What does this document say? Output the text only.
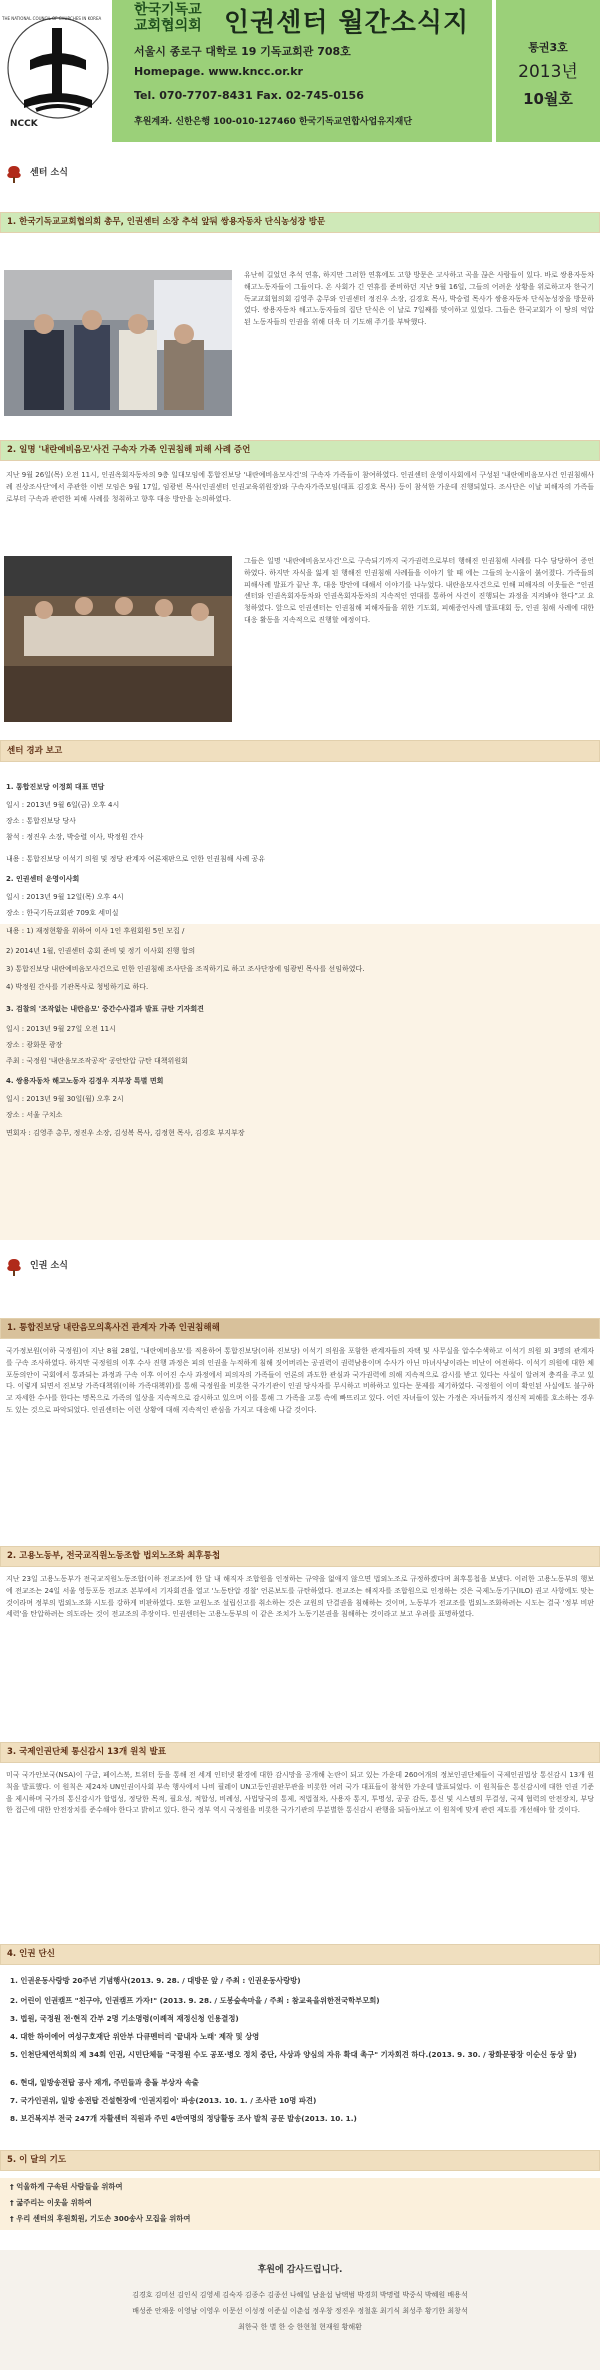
NCCK
THE NATIONAL COUNCIL OF CHURCHES IN KOREA
한국기독교
교회협의회 인권센터 월간소식지
서울시 종로구 대학로 19 기독교회관 708호
Homepage. www.kncc.or.kr
Tel. 070-7707-8431 Fax. 02-745-0156
후원계좌. 신한은행 100-010-127460 한국기독교연합사업유지재단
통권3호
2013년
10월호
센터 소식
1. 한국기독교교회협의회 총무, 인권센터 소장 추석 앞둬 쌍용자동차 단식농성장 방문
유난히 길었던 추석 연휴, 하지만 그러한 연휴에도 고향 방문은 고사하고 곡을 끊은 사람들이 있다. 바로 쌍용자동차 해고노동자들이 그들이다. 온 사회가 긴 연휴를 준비하던 지난 9월 16일, 그들의 어려운 상황을 위로하고자 한국기독교교회협의회 김영주 총무와 인권센터 정진우 소장, 김경호 목사, 박승렬 목사가 쌍용자동차 단식농성장을 방문하였다. 쌍용자동차 해고노동자들의 집단 단식은 이 날로 7일째를 맞이하고 있었다. 그들은 한국교회가 이 땅의 억압된 노동자들의 인권을 위해 더욱 더 기도해 주기를 부탁했다.
2. 일명 '내란예비음모'사건 구속자 가족 인권침해 피해 사례 증언
지난 9월 26일(목) 오전 11시, 인권옥회자동차의 9층 일대모임에 통합진보당 '내란예비음모사건'의 구속자 가족들이 참여하였다. 인권센터 운영이사회에서 구성된 '내란예비음모사건 인권침해사례 진상조사단'에서 주관한 이번 모임은 9월 17일, 임광빈 목사(인권센터 인권교육위원장)와 구속자가족모임(대표 김경호 목사) 등이 참석한 가운데 진행되었다. 조사단은 이날 피해자의 가족들로부터 구속과 관련한 피해 사례를 청취하고 향후 대응 방안을 논의하였다.
그들은 일명 '내란예비음모사건'으로 구속되기까지 국가권력으로부터 행해진 인권침해 사례를 다수 담당하여 증언하였다. 하지만 자식을 잃게 된 행해진 인권침해 사례들을 이야기 할 때 에는 그들의 눈시울이 붉어졌다. 가족들의 피해사례 발표가 끝난 후, 대응 방안에 대해서 이야기를 나누었다. 내란음모사건으로 인해 피해자의 이웃들은 “인권센터와 인권옥회자동차와 인권옥회자동차의 지속적인 연대를 통하여 사건이 진행되는 과정을 지켜봐야 한다”고 요청하였다. 앞으로 인권센터는 인권침해 피해자들을 위한 기도회, 피해증언사례 발표대회 등, 인권 침해 사례에 대한 대응 활동을 지속적으로 진행할 예정이다.
센터 경과 보고
1. 통합진보당 이정희 대표 면담
일시 : 2013년 9월 6일(금) 오후 4시
장소 : 통합진보당 당사
참석 : 정진우 소장, 박승렬 이사, 박정원 간사
내용 : 통합진보당 이석기 의원 및 정당 관계자 여론재판으로 인한 인권침해 사례 공유
2. 인권센터 운영이사회
일시 : 2013년 9월 12일(목) 오후 4시
장소 : 한국기독교회관 709호 세미실
내용 : 1) 재정현황을 위하여 이사 1인 후원회원 5인 모집 /
2) 2014년 1월, 인권센터 총회 준비 및 정기 이사회 진행 합의
3) 통합진보당 내란예비음모사건으로 인한 인권침해 조사단을 조직하기로 하고 조사단장에 임광빈 목사를 선임하였다.
4) 박정원 간사를 기관목사로 청빙하기로 하다.
3. 검찰의 '조작없는 내란음모' 중간수사결과 발표 규탄 기자회견
일시 : 2013년 9월 27일 오전 11시
장소 : 광화문 광장
주최 : 국정원 '내란음모조작공작' 공안탄압 규탄 대책위원회
4. 쌍용자동차 해고노동자 김정우 지부장 특별 면회
일시 : 2013년 9월 30일(월) 오후 2시
장소 : 서울 구치소
면회자 : 김영주 총무, 정진우 소장, 김성복 목사, 김정현 목사, 김경호 부지부장
인권 소식
1. 통합진보당 내란음모의혹사건 관계자 가족 인권침해해
국가정보원(이하 국정원)이 지난 8월 28일, '내란예비음모'를 적용하여 통합진보당(이하 진보당) 이석기 의원을 포함한 관계자들의 자택 및 사무실을 압수수색하고 이석기 의원 외 3명의 관계자를 구속 조사하였다. 하지만 국정원의 이후 수사 진행 과정은 피의 인권을 누적하게 침해 짓어버리는 공권력이 권력남용이며 수사가 아닌 마녀사냥이라는 비난이 여전하다. 이석기 의원에 대한 체포동의안이 국회에서 통과되는 과정과 구속 이후 이어진 수사 과정에서 피의자의 가족들이 언론의 과도한 관심과 국가권력에 의해 지속적으로 감시를 받고 있다는 사실이 알려져 충격을 주고 있다. 이렇게 되면서 진보당 가족대책위(이하 가족대책위)를 통해 국정원을 비롯한 국가기관이 인권 당사자를 무시하고 비하하고 있다는 문제를 제기하였다. 국정원이 이미 확인된 사실에도 불구하고 자세한 수사를 한다는 명목으로 가족의 일상을 지속적으로 감시하고 있으며 이를 통해 그 가족을 고통 속에 빠뜨리고 있다. 어린 자녀들이 있는 가정은 자녀들까지 정신적 피해를 호소하는 경우도 있는 것으로 파악되었다. 인권센터는 이런 상황에 대해 지속적인 관심을 가지고 대응해 나갈 것이다.
2. 고용노동부, 전국교직원노동조합 법외노조화 최후통첩
지난 23일 고용노동부가 전국교직원노동조합(이하 전교조)에 한 달 내 해직자 조합원을 인정하는 규약을 없애지 않으면 법외노조로 규정하겠다며 최후통첩을 보냈다. 이러한 고용노동부의 행보에 전교조는 24일 서울 영등포동 전교조 본부에서 기자회견을 열고 '노동탄압 경찰' 언론보도를 규탄하였다. 전교조는 해직자를 조합원으로 인정하는 것은 국제노동기구(ILO) 권고 사항에도 맞는 것이라며 정부의 법외노조화 시도를 강하게 비판하였다. 또한 교원노조 설립신고를 취소하는 것은 교원의 단결권을 침해하는 것이며, 노동부가 전교조를 법외노조화하려는 시도는 결국 '정부 비판 세력'을 탄압하려는 의도라는 것이 전교조의 주장이다. 인권센터는 고용노동부의 이 같은 조치가 노동기본권을 침해하는 것이라고 보고 우려를 표명하였다.
3. 국제인권단체 통신감시 13개 원칙 발표
미국 국가안보국(NSA)이 구글, 페이스북, 트위터 등을 통해 전 세계 인터넷 환경에 대한 감시망을 공개해 논란이 되고 있는 가운데 260여개의 정보인권단체들이 국제인권법상 통신감시 13개 원칙을 발표했다. 이 원칙은 제24차 UN인권이사회 부속 행사에서 나비 필레이 UN고등인권판무관을 비롯한 여러 국가 대표들이 참석한 가운데 발표되었다. 이 원칙들은 통신감시에 대한 인권 기준을 제시하며 국가의 통신감시가 합법성, 정당한 목적, 필요성, 적합성, 비례성, 사법당국의 통제, 적법절차, 사용자 통지, 투명성, 공공 감독, 통신 및 시스템의 무결성, 국제 협력의 안전장치, 부당한 접근에 대한 안전장치를 준수해야 한다고 밝히고 있다. 한국 정부 역시 국정원을 비롯한 국가기관의 무분별한 통신감시 관행을 되돌아보고 이 원칙에 맞게 관련 제도를 개선해야 할 것이다.
4. 인권 단신
1. 인권운동사랑방 20주년 기념행사(2013. 9. 28. / 대방문 앞 / 주최 : 인권운동사랑방)
2. 어린이 인권캠프 "친구야, 인권캠프 가자!" (2013. 9. 28. / 도봉숲속마을 / 주최 : 참교육을위한전국학부모회)
3. 법원, 국정원 전·현직 간부 2명 기소명령(이례적 재정신청 인용결정)
4. 대한 하이에어 여성구호재단 위안부 다큐멘터리 '끝내자 노래' 제작 및 상영
5. 인천단체연석회의 제 34회 인권, 시민단체들 "국정원 수도 공포·병오 정치 중단, 사상과 양심의 자유 확대 촉구" 기자회견 하다.(2013. 9. 30. / 광화문광장 이순신 동상 앞)
6. 현대, 일방송전탑 공사 재개, 주민들과 충돌 부상자 속출
7. 국가인권위, 일방 송전탑 건설현장에 '인권지킴이' 파송(2013. 10. 1. / 조사관 10명 파견)
8. 보건복지부 전국 247개 자활센터 직원과 주민 4만여명의 정당활동 조사 발칙 공문 발송(2013. 10. 1.)
5. 이 달의 기도
† 억울하게 구속된 사람들을 위하여
† 굶주리는 이웃을 위하여
† 우리 센터의 후원회원, 기도손 300송사 모집을 위하여
후원에 감사드립니다.
김경호 김미선 김인식 김영세 김숙자 김종수 김종선 나혜일 남윤섭 남택범 박경희 박명렬 박중식 박혜원 배용석
배성준 안재웅 이영남 이영우 이문선 이성정 이준실 이춘섭 정우창 정진우 정철훈 최기식 최성주 황기한 최창석
최한국 한 별 한 승 한현철 현재원 황해환
